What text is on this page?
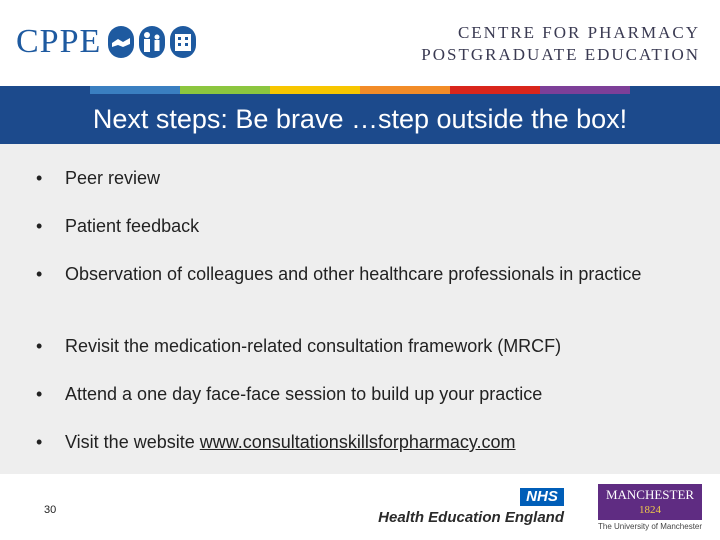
CPPE	CENTRE FOR PHARMACY
POSTGRADUATE EDUCATION
Next steps: Be brave …step outside the box!
•	Peer review
•	Patient feedback
•	Observation of colleagues and other healthcare professionals in practice
•	Revisit the medication-related consultation framework (MRCF)
•	Attend a one day face-face session to build up your practice
•	Visit the website www.consultationskillsforpharmacy.com
30
NHS
Health Education England
MANCHESTER
1824
The University of Manchester
